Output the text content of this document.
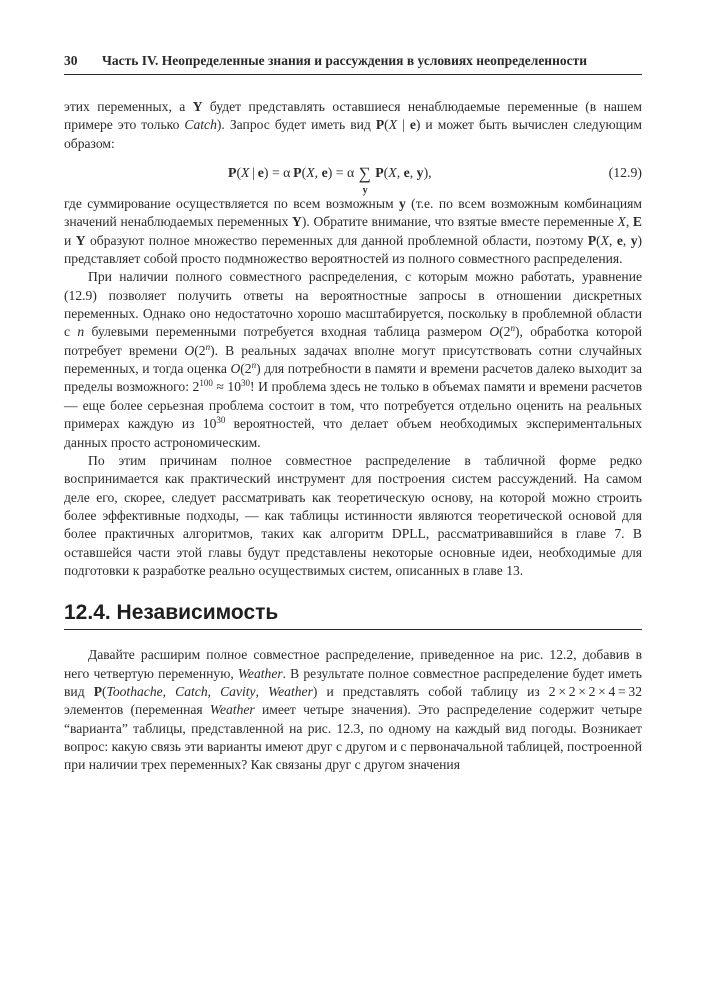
30	Часть IV. Неопределенные знания и рассуждения в условиях неопределенности

этих переменных, а Y будет представлять оставшиеся ненаблюдаемые переменные (в нашем примере это только Catch). Запрос будет иметь вид P(X | e) и может быть вычислен следующим образом:

P(X | e) = α P(X, e) = α ∑
y
P(X, e, y),	(12.9)

где суммирование осуществляется по всем возможным y (т.е. по всем возможным комбинациям значений ненаблюдаемых переменных Y). Обратите внимание, что взятые вместе переменные X, E и Y образуют полное множество переменных для данной проблемной области, поэтому P(X, e, y) представляет собой просто подмножество вероятностей из полного совместного распределения.

При наличии полного совместного распределения, с которым можно работать, уравнение (12.9) позволяет получить ответы на вероятностные запросы в отношении дискретных переменных. Однако оно недостаточно хорошо масштабируется, поскольку в проблемной области с n булевыми переменными потребуется входная таблица размером O(2$^n$), обработка которой потребует времени O(2$^n$). В реальных задачах вполне могут присутствовать сотни случайных переменных, и тогда оценка O(2$^n$) для потребности в памяти и времени расчетов далеко выходит за пределы возможного: $2^{100} \approx 10^{30}$! И проблема здесь не только в объемах памяти и времени расчетов — еще более серьезная проблема состоит в том, что потребуется отдельно оценить на реальных примерах каждую из $10^{30}$ вероятностей, что делает объем необходимых экспериментальных данных просто астрономическим.

По этим причинам полное совместное распределение в табличной форме редко воспринимается как практический инструмент для построения систем рассуждений. На самом деле его, скорее, следует рассматривать как теоретическую основу, на которой можно строить более эффективные подходы, — как таблицы истинности являются теоретической основой для более практичных алгоритмов, таких как алгоритм DPLL, рассматривавшийся в главе 7. В оставшейся части этой главы будут представлены некоторые основные идеи, необходимые для подготовки к разработке реально осуществимых систем, описанных в главе 13.

12.4. Независимость

Давайте расширим полное совместное распределение, приведенное на рис. 12.2, добавив в него четвертую переменную, Weather. В результате полное совместное распределение будет иметь вид P(Toothache, Catch, Cavity, Weather) и представлять собой таблицу из 2 × 2 × 2 × 4 = 32 элементов (переменная Weather имеет четыре значения). Это распределение содержит четыре “варианта” таблицы, представленной на рис. 12.3, по одному на каждый вид погоды. Возникает вопрос: какую связь эти варианты имеют друг с другом и с первоначальной таблицей, построенной при наличии трех переменных? Как связаны друг с другом значения
